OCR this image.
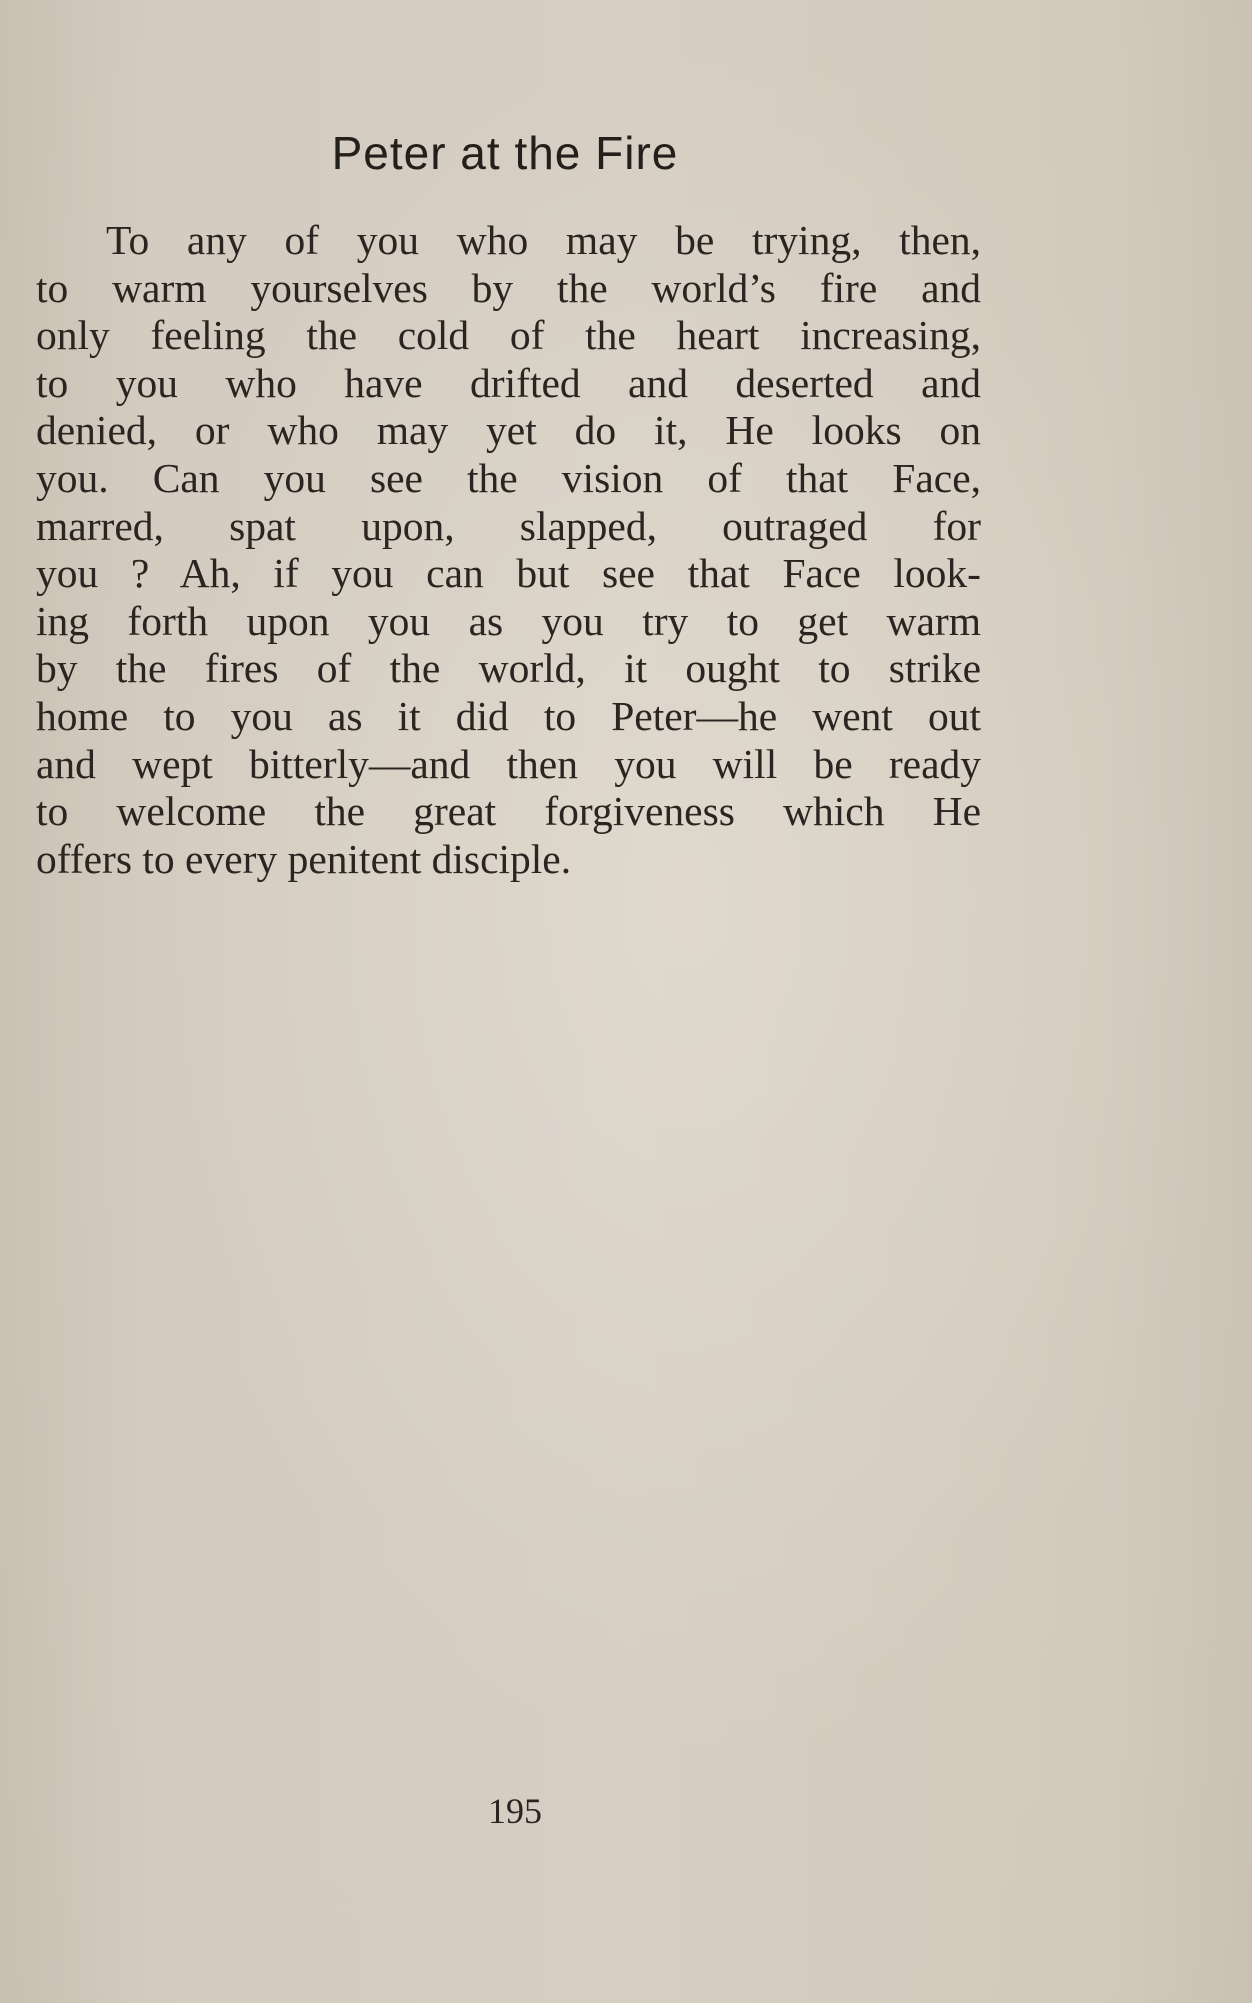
Peter at the Fire
To any of you who may be trying, then,
to warm yourselves by the world’s fire and
only feeling the cold of the heart increasing,
to you who have drifted and deserted and
denied, or who may yet do it, He looks on
you. Can you see the vision of that Face,
marred, spat upon, slapped, outraged for
you ? Ah, if you can but see that Face look-
ing forth upon you as you try to get warm
by the fires of the world, it ought to strike
home to you as it did to Peter—he went out
and wept bitterly—and then you will be ready
to welcome the great forgiveness which He
offers to every penitent disciple.
195
